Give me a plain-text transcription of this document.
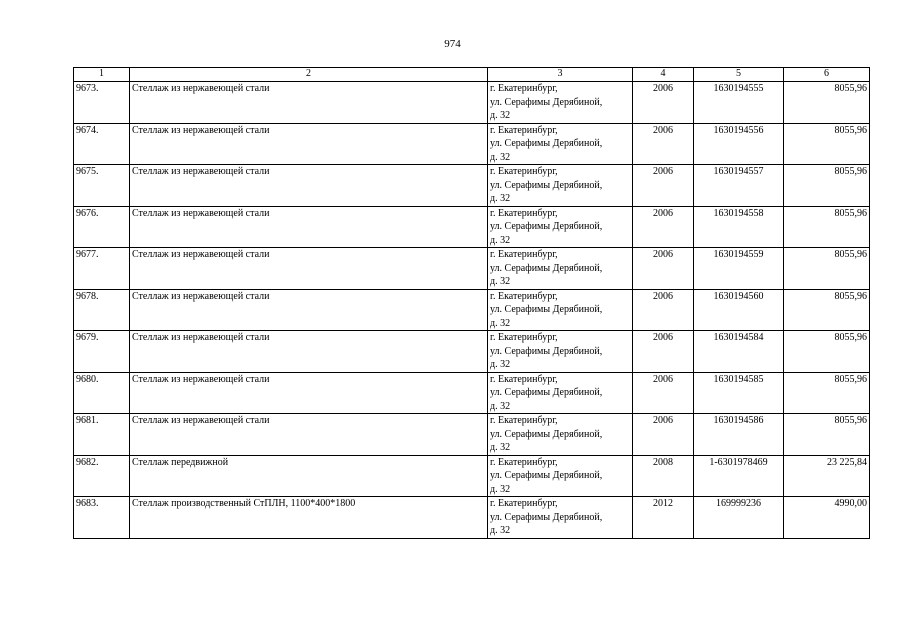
974
1	2	3	4	5	6
9673.	Стеллаж из нержавеющей стали	г. Екатеринбург,
ул. Серафимы Дерябиной,
д. 32	2006	1630194555	8055,96
9674.	Стеллаж из нержавеющей стали	г. Екатеринбург,
ул. Серафимы Дерябиной,
д. 32	2006	1630194556	8055,96
9675.	Стеллаж из нержавеющей стали	г. Екатеринбург,
ул. Серафимы Дерябиной,
д. 32	2006	1630194557	8055,96
9676.	Стеллаж из нержавеющей стали	г. Екатеринбург,
ул. Серафимы Дерябиной,
д. 32	2006	1630194558	8055,96
9677.	Стеллаж из нержавеющей стали	г. Екатеринбург,
ул. Серафимы Дерябиной,
д. 32	2006	1630194559	8055,96
9678.	Стеллаж из нержавеющей стали	г. Екатеринбург,
ул. Серафимы Дерябиной,
д. 32	2006	1630194560	8055,96
9679.	Стеллаж из нержавеющей стали	г. Екатеринбург,
ул. Серафимы Дерябиной,
д. 32	2006	1630194584	8055,96
9680.	Стеллаж из нержавеющей стали	г. Екатеринбург,
ул. Серафимы Дерябиной,
д. 32	2006	1630194585	8055,96
9681.	Стеллаж из нержавеющей стали	г. Екатеринбург,
ул. Серафимы Дерябиной,
д. 32	2006	1630194586	8055,96
9682.	Стеллаж передвижной	г. Екатеринбург,
ул. Серафимы Дерябиной,
д. 32	2008	1-6301978469	23 225,84
9683.	Стеллаж производственный СтПЛН, 1100*400*1800	г. Екатеринбург,
ул. Серафимы Дерябиной,
д. 32	2012	169999236	4990,00
